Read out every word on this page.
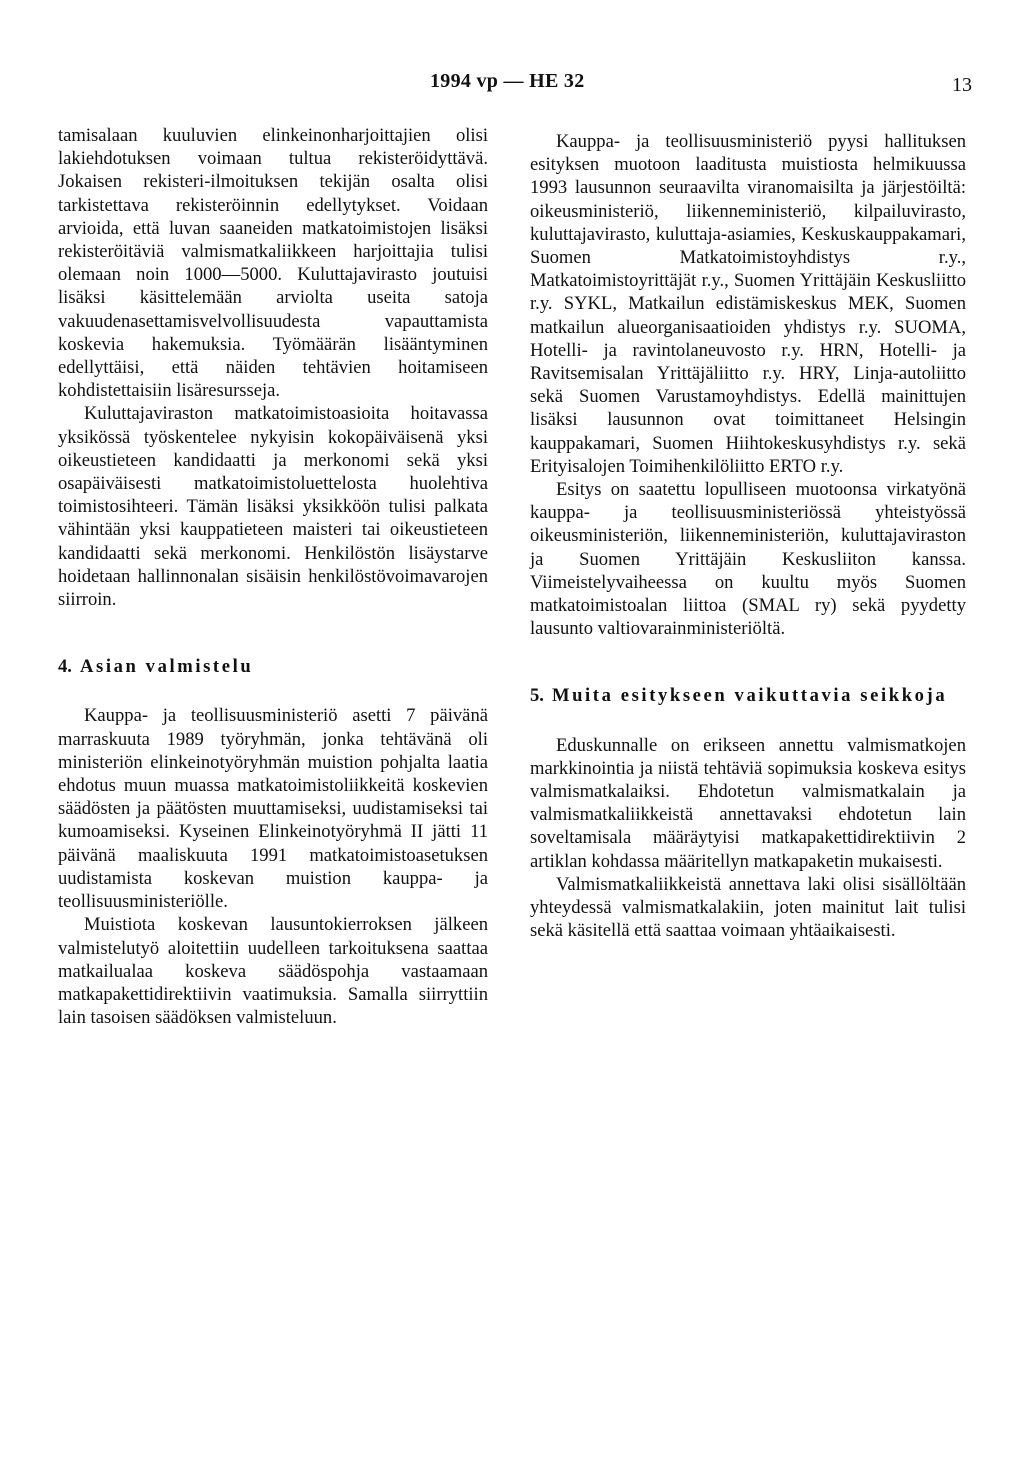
1994 vp — HE 32	13

tamisalaan kuuluvien elinkeinonharjoittajien olisi lakiehdotuksen voimaan tultua rekisteröidyttävä. Jokaisen rekisteri-ilmoituksen tekijän osalta olisi tarkistettava rekisteröinnin edellytykset. Voidaan arvioida, että luvan saaneiden matkatoimistojen lisäksi rekisteröitäviä valmismatkaliikkeen harjoittajia tulisi olemaan noin 1000—5000. Kuluttajavirasto joutuisi lisäksi käsittelemään arviolta useita satoja vakuudenasettamisvelvollisuudesta vapauttamista koskevia hakemuksia. Työmäärän lisääntyminen edellyttäisi, että näiden tehtävien hoitamiseen kohdistettaisiin lisäresursseja.

Kuluttajaviraston matkatoimistoasioita hoitavassa yksikössä työskentelee nykyisin kokopäiväisenä yksi oikeustieteen kandidaatti ja merkonomi sekä yksi osapäiväisesti matkatoimistoluettelosta huolehtiva toimistosihteeri. Tämän lisäksi yksikköön tulisi palkata vähintään yksi kauppatieteen maisteri tai oikeustieteen kandidaatti sekä merkonomi. Henkilöstön lisäystarve hoidetaan hallinnonalan sisäisin henkilöstövoimavarojen siirroin.

4. Asian valmistelu

Kauppa- ja teollisuusministeriö asetti 7 päivänä marraskuuta 1989 työryhmän, jonka tehtävänä oli ministeriön elinkeinotyöryhmän muistion pohjalta laatia ehdotus muun muassa matkatoimistoliikkeitä koskevien säädösten ja päätösten muuttamiseksi, uudistamiseksi tai kumoamiseksi. Kyseinen Elinkeinotyöryhmä II jätti 11 päivänä maaliskuuta 1991 matkatoimistoasetuksen uudistamista koskevan muistion kauppa- ja teollisuusministeriölle.

Muistiota koskevan lausuntokierroksen jälkeen valmistelutyö aloitettiin uudelleen tarkoituksena saattaa matkailualaa koskeva säädöspohja vastaamaan matkapakettidirektiivin vaatimuksia. Samalla siirryttiin lain tasoisen säädöksen valmisteluun.

Kauppa- ja teollisuusministeriö pyysi hallituksen esityksen muotoon laaditusta muistiosta helmikuussa 1993 lausunnon seuraavilta viranomaisilta ja järjestöiltä: oikeusministeriö, liikenneministeriö, kilpailuvirasto, kuluttajavirasto, kuluttaja-asiamies, Keskuskauppakamari, Suomen Matkatoimistoyhdistys r.y., Matkatoimistoyrittäjät r.y., Suomen Yrittäjäin Keskusliitto r.y. SYKL, Matkailun edistämiskeskus MEK, Suomen matkailun alueorganisaatioiden yhdistys r.y. SUOMA, Hotelli- ja ravintolaneuvosto r.y. HRN, Hotelli- ja Ravitsemisalan Yrittäjäliitto r.y. HRY, Linja-autoliitto sekä Suomen Varustamoyhdistys. Edellä mainittujen lisäksi lausunnon ovat toimittaneet Helsingin kauppakamari, Suomen Hiihtokeskusyhdistys r.y. sekä Erityisalojen Toimihenkilöliitto ERTO r.y.

Esitys on saatettu lopulliseen muotoonsa virkatyönä kauppa- ja teollisuusministeriössä yhteistyössä oikeusministeriön, liikenneministeriön, kuluttajaviraston ja Suomen Yrittäjäin Keskusliiton kanssa. Viimeistelyvaiheessa on kuultu myös Suomen matkatoimistoalan liittoa (SMAL ry) sekä pyydetty lausunto valtiovarainministeriöltä.

5. Muita esitykseen vaikuttavia seikkoja

Eduskunnalle on erikseen annettu valmismatkojen markkinointia ja niistä tehtäviä sopimuksia koskeva esitys valmismatkalaiksi. Ehdotetun valmismatkalain ja valmismatkaliikkeistä annettavaksi ehdotetun lain soveltamisala määräytyisi matkapakettidirektiivin 2 artiklan kohdassa määritellyn matkapaketin mukaisesti.

Valmismatkaliikkeistä annettava laki olisi sisällöltään yhteydessä valmismatkalakiin, joten mainitut lait tulisi sekä käsitellä että saattaa voimaan yhtäaikaisesti.
